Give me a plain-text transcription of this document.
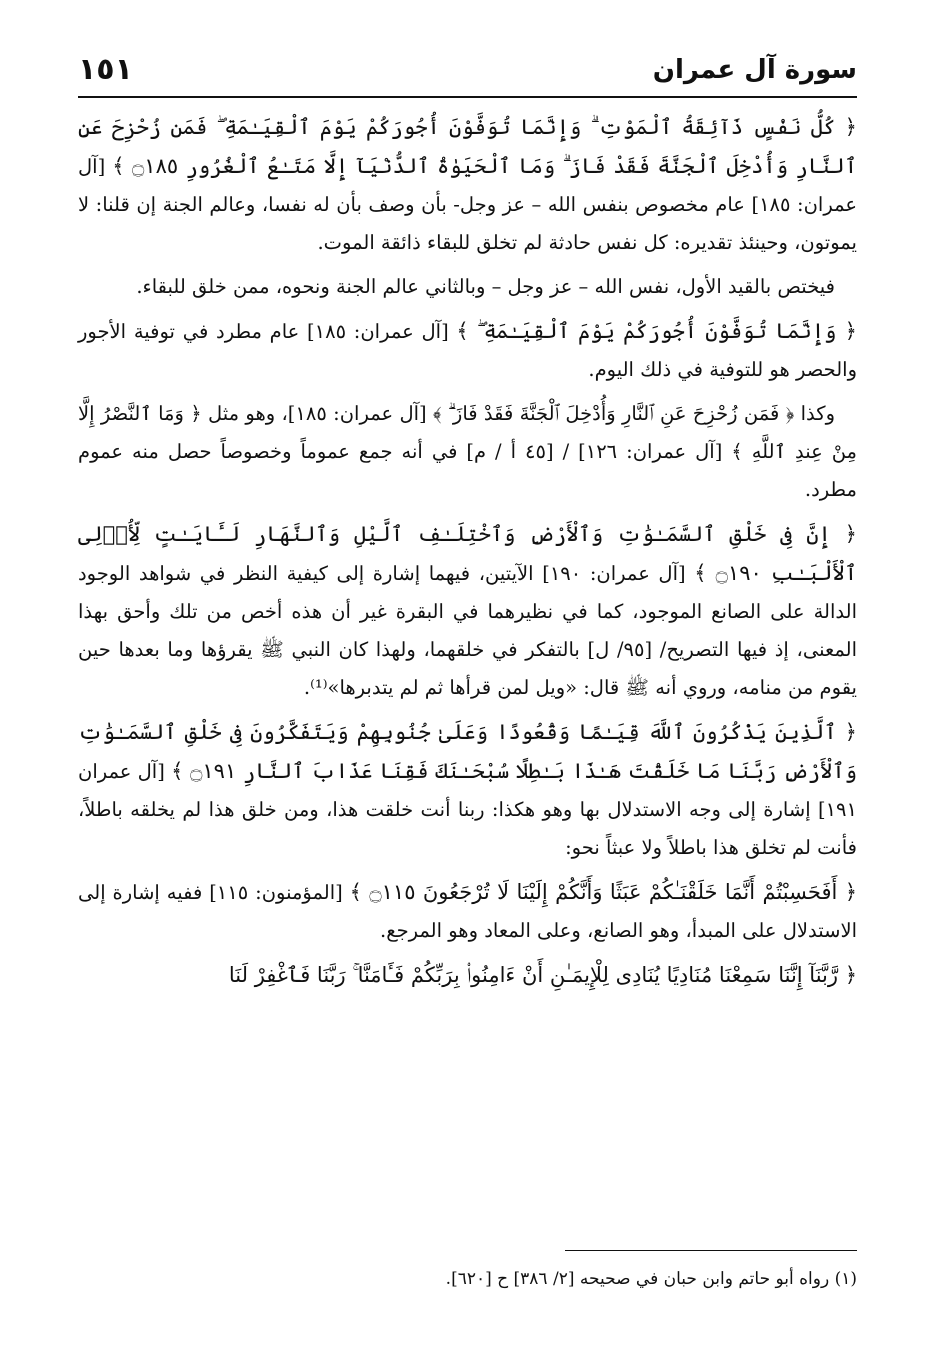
١٥١	سورة آل عمران

﴿ كُلُّ نَفْسٍ ذَآئِقَةُ ٱلْمَوْتِ ۗ وَإِنَّمَا تُوَفَّوْنَ أُجُورَكُمْ يَوْمَ ٱلْقِيَـٰمَةِ ۖ فَمَن زُحْزِحَ عَنِ ٱلنَّارِ وَأُدْخِلَ ٱلْجَنَّةَ فَقَدْ فَازَ ۗ وَمَا ٱلْحَيَوٰةُ ٱلدُّنْيَآ إِلَّا مَتَـٰعُ ٱلْغُرُورِ ۝١٨٥ ﴾ [آل عمران: ١٨٥] عام مخصوص بنفس الله – عز وجل- بأن وصف بأن له نفسا، وعالم الجنة إن قلنا: لا يموتون، وحينئذ تقديره: كل نفس حادثة لم تخلق للبقاء ذائقة الموت.

فيختص بالقيد الأول، نفس الله – عز وجل – وبالثاني عالم الجنة ونحوه، ممن خلق للبقاء.

﴿ وَإِنَّمَا تُوَفَّوْنَ أُجُورَكُمْ يَوْمَ ٱلْقِيَـٰمَةِ ۖ ﴾ [آل عمران: ١٨٥] عام مطرد في توفية الأجور والحصر هو للتوفية في ذلك اليوم.

وكذا ﴿ فَمَن زُحْزِحَ عَنِ ٱلنَّارِ وَأُدْخِلَ ٱلْجَنَّةَ فَقَدْ فَازَ ۗ ﴾ [آل عمران: ١٨٥]، وهو مثل ﴿ وَمَا ٱلنَّصْرُ إِلَّا مِنْ عِندِ ٱللَّهِ ﴾ [آل عمران: ١٢٦] / [٤٥ أ / م] في أنه جمع عموماً وخصوصاً حصل منه عموم مطرد.

﴿ إِنَّ فِى خَلْقِ ٱلسَّمَـٰوَٰتِ وَٱلْأَرْضِ وَٱخْتِلَـٰفِ ٱلَّيْلِ وَٱلنَّهَارِ لَـَٔايَـٰتٍ لِّأُو۟لِى ٱلْأَلْبَـٰبِ ۝١٩٠ ﴾ [آل عمران: ١٩٠] الآيتين، فيهما إشارة إلى كيفية النظر في شواهد الوجود الدالة على الصانع الموجود، كما في نظيرهما في البقرة غير أن هذه أخص من تلك وأحق بهذا المعنى، إذ فيها التصريح/ [٩٥/ ل] بالتفكر في خلقهما، ولهذا كان النبي ﷺ يقرؤها وما بعدها حين يقوم من منامه، وروي أنه ﷺ قال: «ويل لمن قرأها ثم لم يتدبرها»⁽¹⁾.

﴿ ٱلَّذِينَ يَذْكُرُونَ ٱللَّهَ قِيَـٰمًا وَقُعُودًا وَعَلَىٰ جُنُوبِهِمْ وَيَتَفَكَّرُونَ فِى خَلْقِ ٱلسَّمَـٰوَٰتِ وَٱلْأَرْضِ رَبَّنَا مَا خَلَقْتَ هَـٰذَا بَـٰطِلًا سُبْحَـٰنَكَ فَقِنَا عَذَابَ ٱلنَّارِ ۝١٩١ ﴾ [آل عمران ١٩١] إشارة إلى وجه الاستدلال بها وهو هكذا: ربنا أنت خلقت هذا، ومن خلق هذا لم يخلقه باطلاً، فأنت لم تخلق هذا باطلاً ولا عبثاً نحو:

﴿ أَفَحَسِبْتُمْ أَنَّمَا خَلَقْنَـٰكُمْ عَبَثًا وَأَنَّكُمْ إِلَيْنَا لَا تُرْجَعُونَ ۝١١٥ ﴾ [المؤمنون: ١١٥] ففيه إشارة إلى الاستدلال على المبدأ، وهو الصانع، وعلى المعاد وهو المرجع.

﴿ رَّبَّنَآ إِنَّنَا سَمِعْنَا مُنَادِيًا يُنَادِى لِلْإِيمَـٰنِ أَنْ ءَامِنُوا۟ بِرَبِّكُمْ فَـَٔامَنَّا ۚ رَبَّنَا فَٱغْفِرْ لَنَا

(١) رواه أبو حاتم وابن حبان في صحيحه [٢/ ٣٨٦] ح [٦٢٠].
